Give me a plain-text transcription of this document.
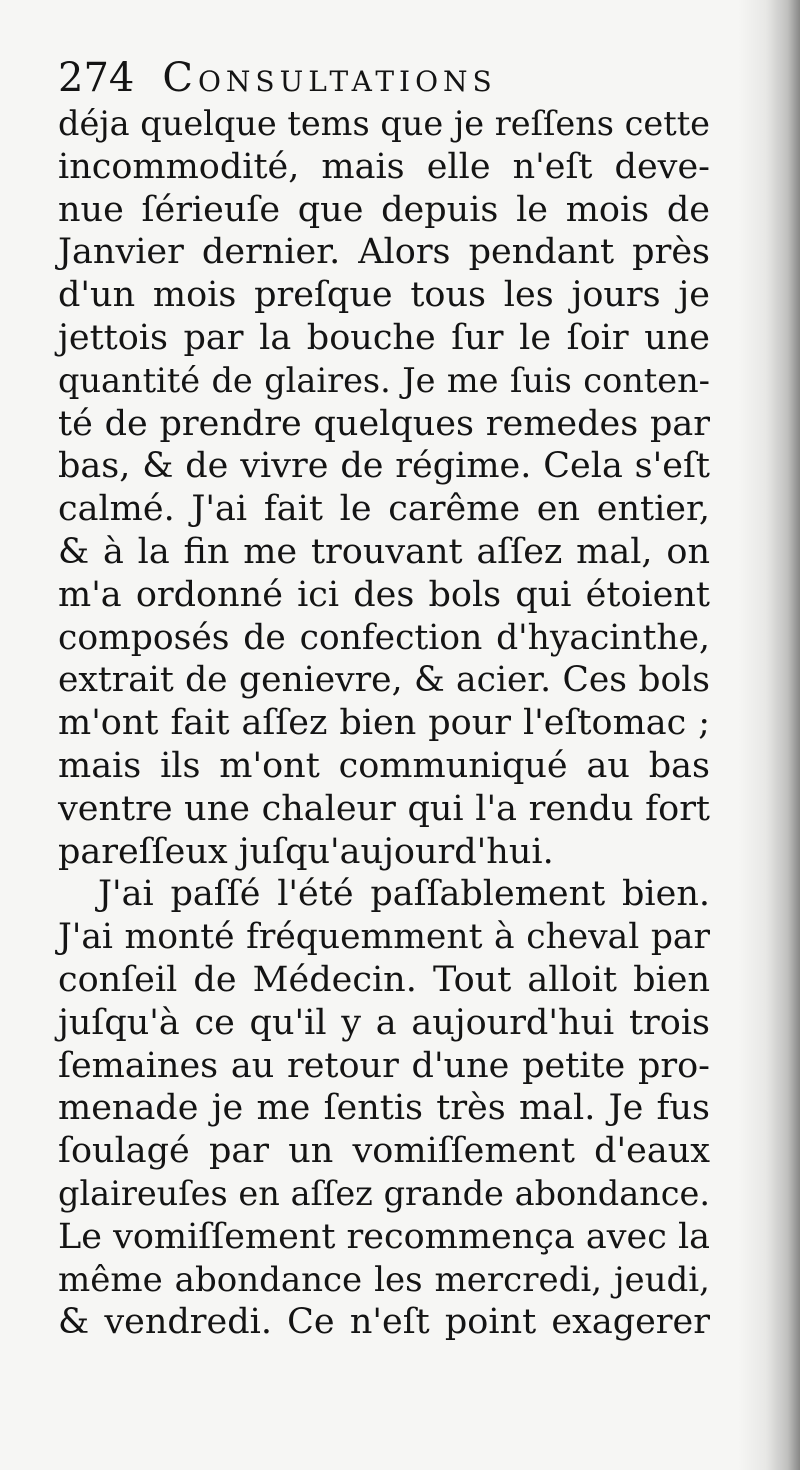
274 Consultations
déja quelque tems que je reſſens cette
incommodité, mais elle n'eſt deve-
nue ſérieuſe que depuis le mois de
Janvier dernier. Alors pendant près
d'un mois preſque tous les jours je
jettois par la bouche ſur le ſoir une
quantité de glaires. Je me ſuis conten-
té de prendre quelques remedes par
bas, & de vivre de régime. Cela s'eſt
calmé. J'ai fait le carême en entier,
& à la fin me trouvant aſſez mal, on
m'a ordonné ici des bols qui étoient
composés de confection d'hyacinthe,
extrait de genievre, & acier. Ces bols
m'ont fait aſſez bien pour l'eſtomac ;
mais ils m'ont communiqué au bas
ventre une chaleur qui l'a rendu fort
pareſſeux juſqu'aujourd'hui.
J'ai paſſé l'été paſſablement bien.
J'ai monté fréquemment à cheval par
conſeil de Médecin. Tout alloit bien
juſqu'à ce qu'il y a aujourd'hui trois
ſemaines au retour d'une petite pro-
menade je me ſentis très mal. Je fus
ſoulagé par un vomiſſement d'eaux
glaireuſes en aſſez grande abondance.
Le vomiſſement recommença avec la
même abondance les mercredi, jeudi,
& vendredi. Ce n'eſt point exagerer
